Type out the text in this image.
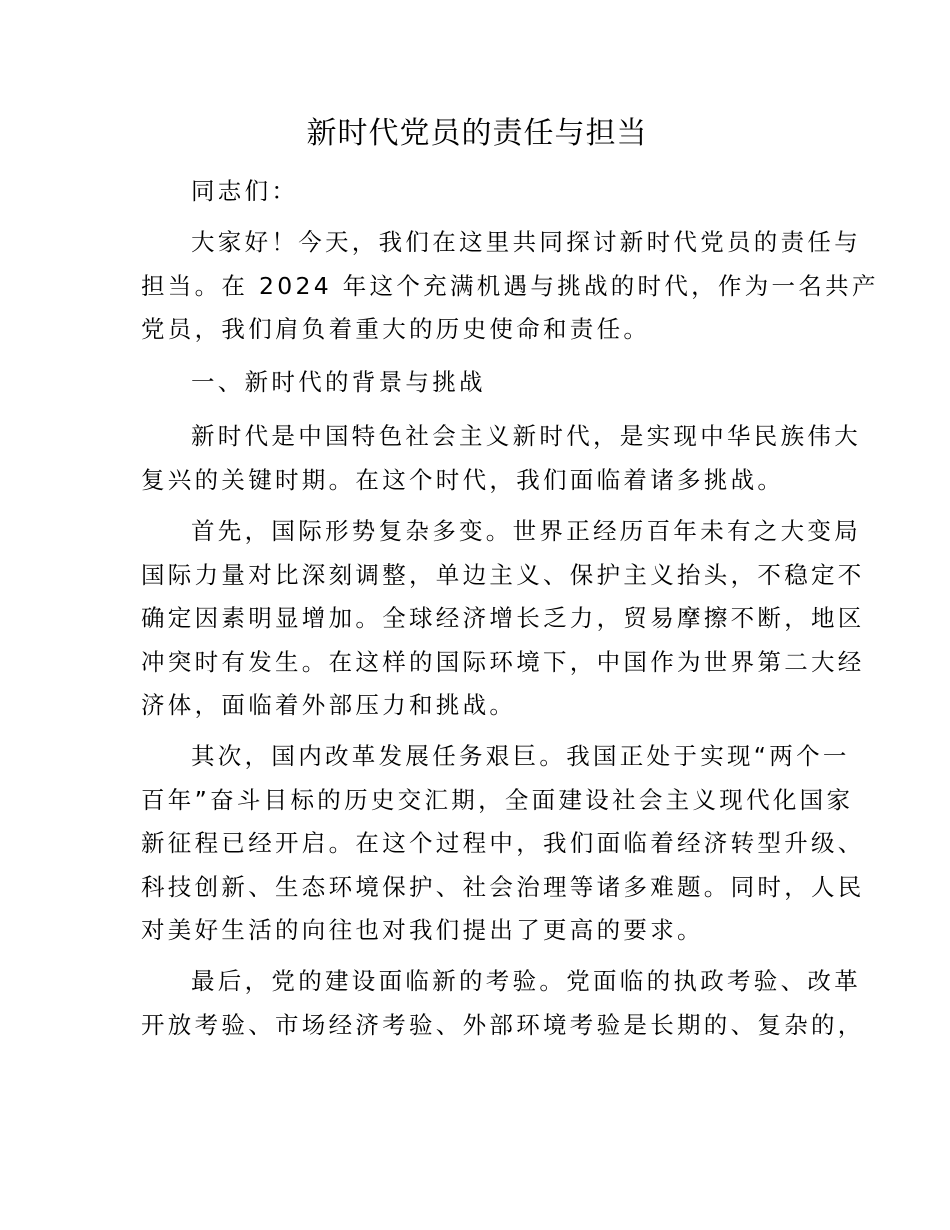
新时代党员的责任与担当
同志们：
大家好！今天，我们在这里共同探讨新时代党员的责任与
担当。在 2024 年这个充满机遇与挑战的时代，作为一名共产
党员，我们肩负着重大的历史使命和责任。
一、新时代的背景与挑战
新时代是中国特色社会主义新时代，是实现中华民族伟大
复兴的关键时期。在这个时代，我们面临着诸多挑战。
首先，国际形势复杂多变。世界正经历百年未有之大变局
国际力量对比深刻调整，单边主义、保护主义抬头，不稳定不
确定因素明显增加。全球经济增长乏力，贸易摩擦不断，地区
冲突时有发生。在这样的国际环境下，中国作为世界第二大经
济体，面临着外部压力和挑战。
其次，国内改革发展任务艰巨。我国正处于实现“两个一
百年”奋斗目标的历史交汇期，全面建设社会主义现代化国家
新征程已经开启。在这个过程中，我们面临着经济转型升级、
科技创新、生态环境保护、社会治理等诸多难题。同时，人民
对美好生活的向往也对我们提出了更高的要求。
最后，党的建设面临新的考验。党面临的执政考验、改革
开放考验、市场经济考验、外部环境考验是长期的、复杂的，
